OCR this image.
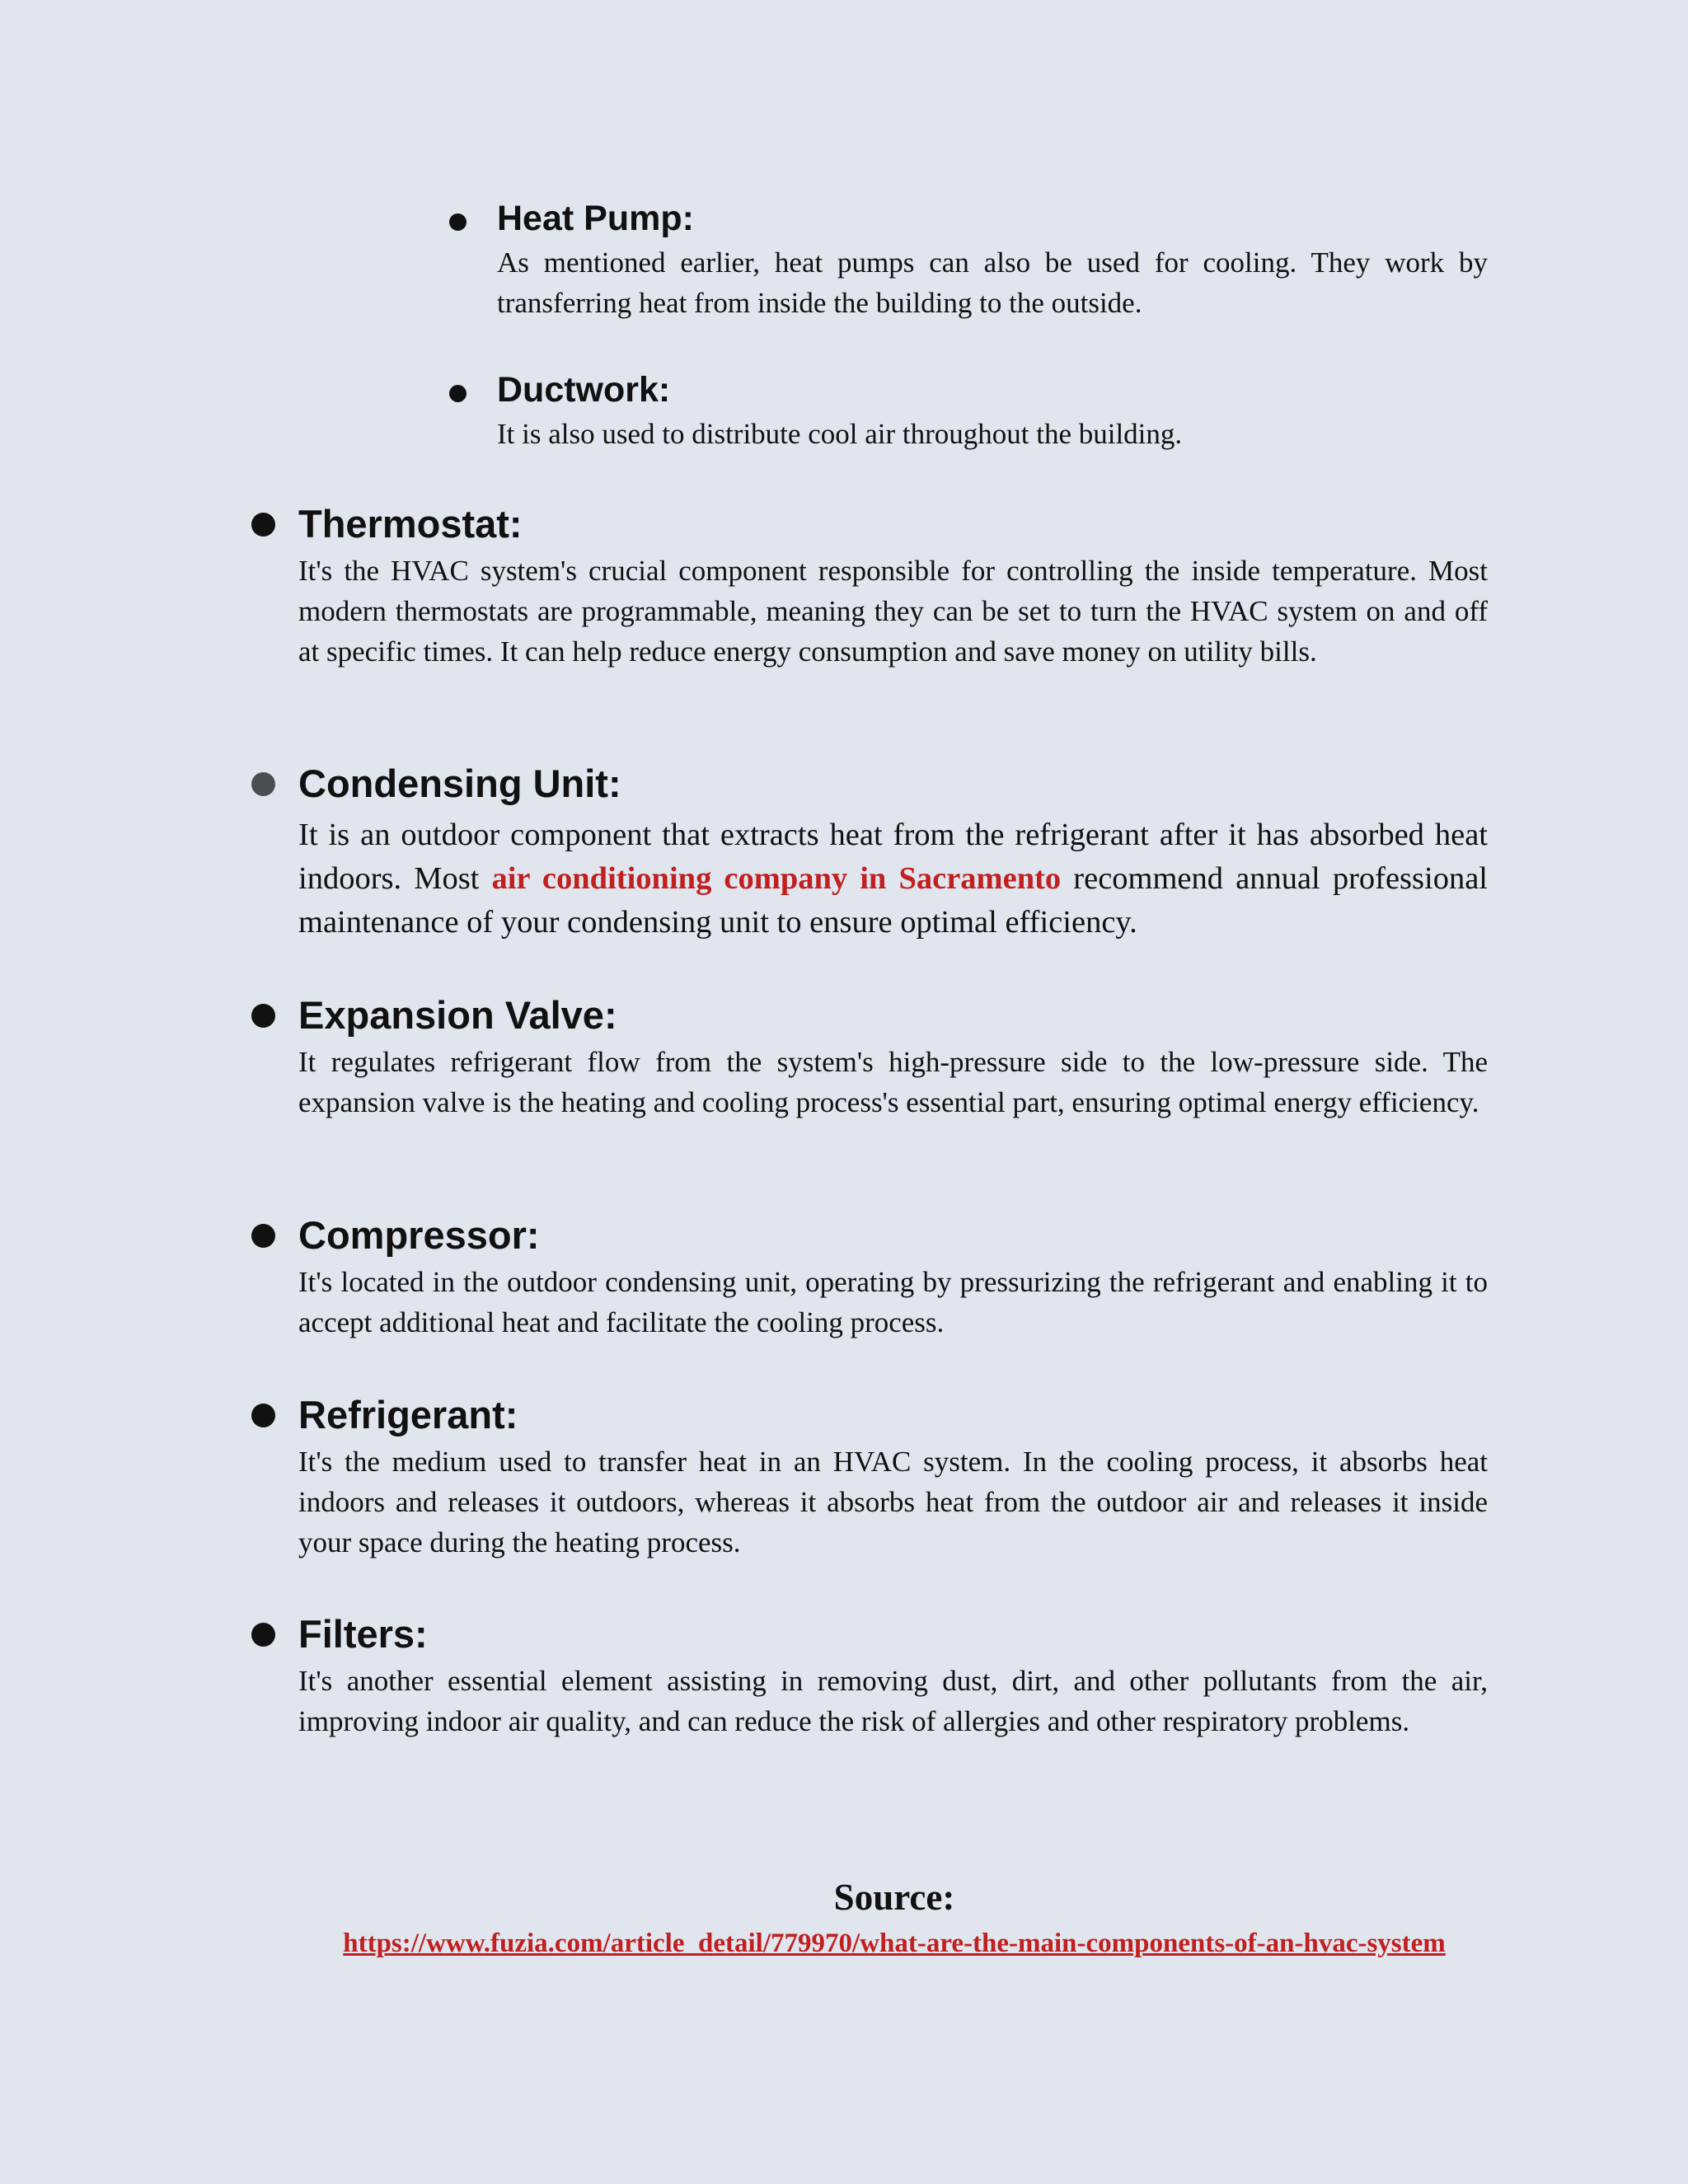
Heat Pump:

As mentioned earlier, heat pumps can also be used for cooling. They work by transferring heat from inside the building to the outside.

Ductwork:

It is also used to distribute cool air throughout the building.

Thermostat:

It's the HVAC system's crucial component responsible for controlling the inside temperature. Most modern thermostats are programmable, meaning they can be set to turn the HVAC system on and off at specific times. It can help reduce energy consumption and save money on utility bills.

Condensing Unit:

It is an outdoor component that extracts heat from the refrigerant after it has absorbed heat indoors. Most air conditioning company in Sacramento recommend annual professional maintenance of your condensing unit to ensure optimal efficiency.

Expansion Valve:

It regulates refrigerant flow from the system's high-pressure side to the low-pressure side. The expansion valve is the heating and cooling process's essential part, ensuring optimal energy efficiency.

Compressor:

It's located in the outdoor condensing unit, operating by pressurizing the refrigerant and enabling it to accept additional heat and facilitate the cooling process.

Refrigerant:

It's the medium used to transfer heat in an HVAC system. In the cooling process, it absorbs heat indoors and releases it outdoors, whereas it absorbs heat from the outdoor air and releases it inside your space during the heating process.

Filters:

It's another essential element assisting in removing dust, dirt, and other pollutants from the air, improving indoor air quality, and can reduce the risk of allergies and other respiratory problems.

Source:

https://www.fuzia.com/article_detail/779970/what-are-the-main-components-of-an-hvac-system
